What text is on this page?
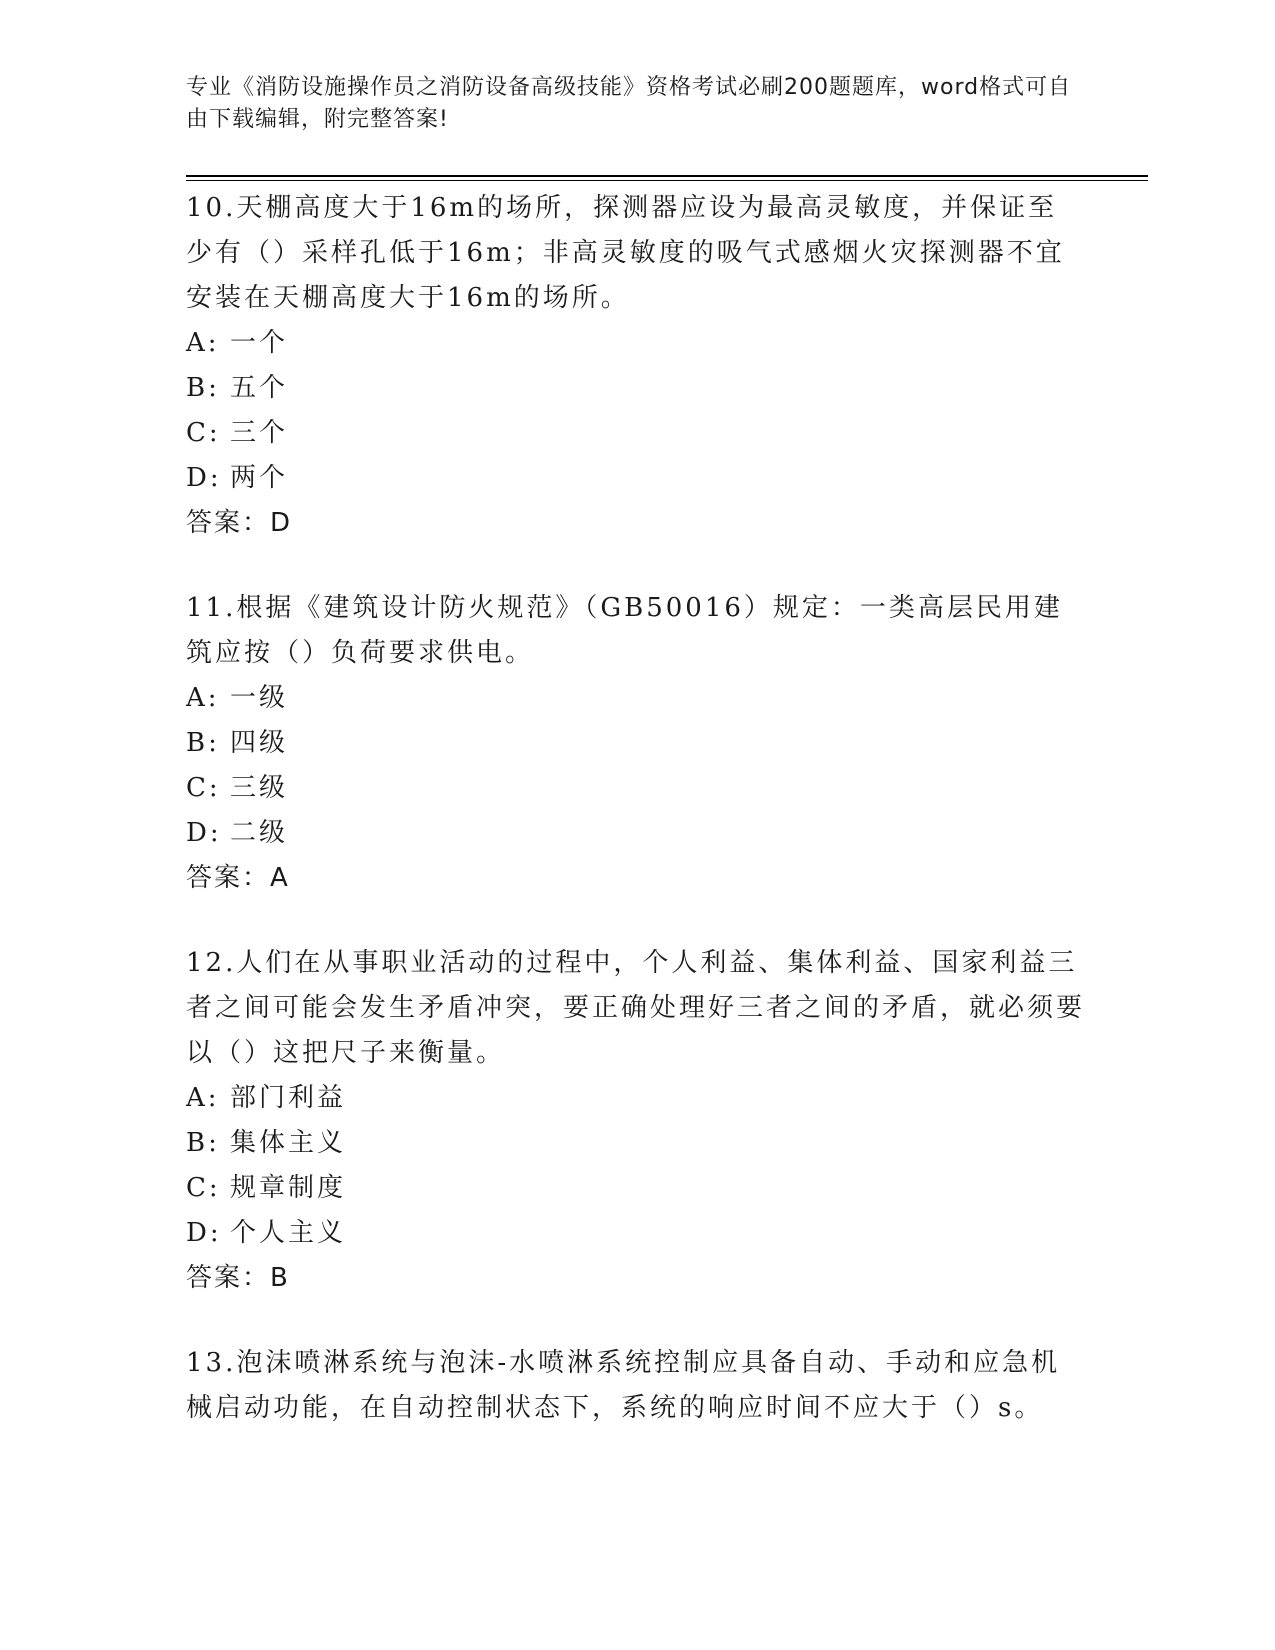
专业《消防设施操作员之消防设备高级技能》资格考试必刷200题题库，word格式可自由下载编辑，附完整答案!

10.天棚高度大于16m的场所，探测器应设为最高灵敏度，并保证至少有（）采样孔低于16m；非高灵敏度的吸气式感烟火灾探测器不宜安装在天棚高度大于16m的场所。

A: 一个

B: 五个

C: 三个

D: 两个

答案：D

11.根据《建筑设计防火规范》（GB50016）规定：一类高层民用建筑应按（）负荷要求供电。

A: 一级

B: 四级

C: 三级

D: 二级

答案：A

12.人们在从事职业活动的过程中，个人利益、集体利益、国家利益三者之间可能会发生矛盾冲突，要正确处理好三者之间的矛盾，就必须要以（）这把尺子来衡量。

A: 部门利益

B: 集体主义

C: 规章制度

D: 个人主义

答案：B

13.泡沫喷淋系统与泡沫-水喷淋系统控制应具备自动、手动和应急机械启动功能，在自动控制状态下，系统的响应时间不应大于（）s。
